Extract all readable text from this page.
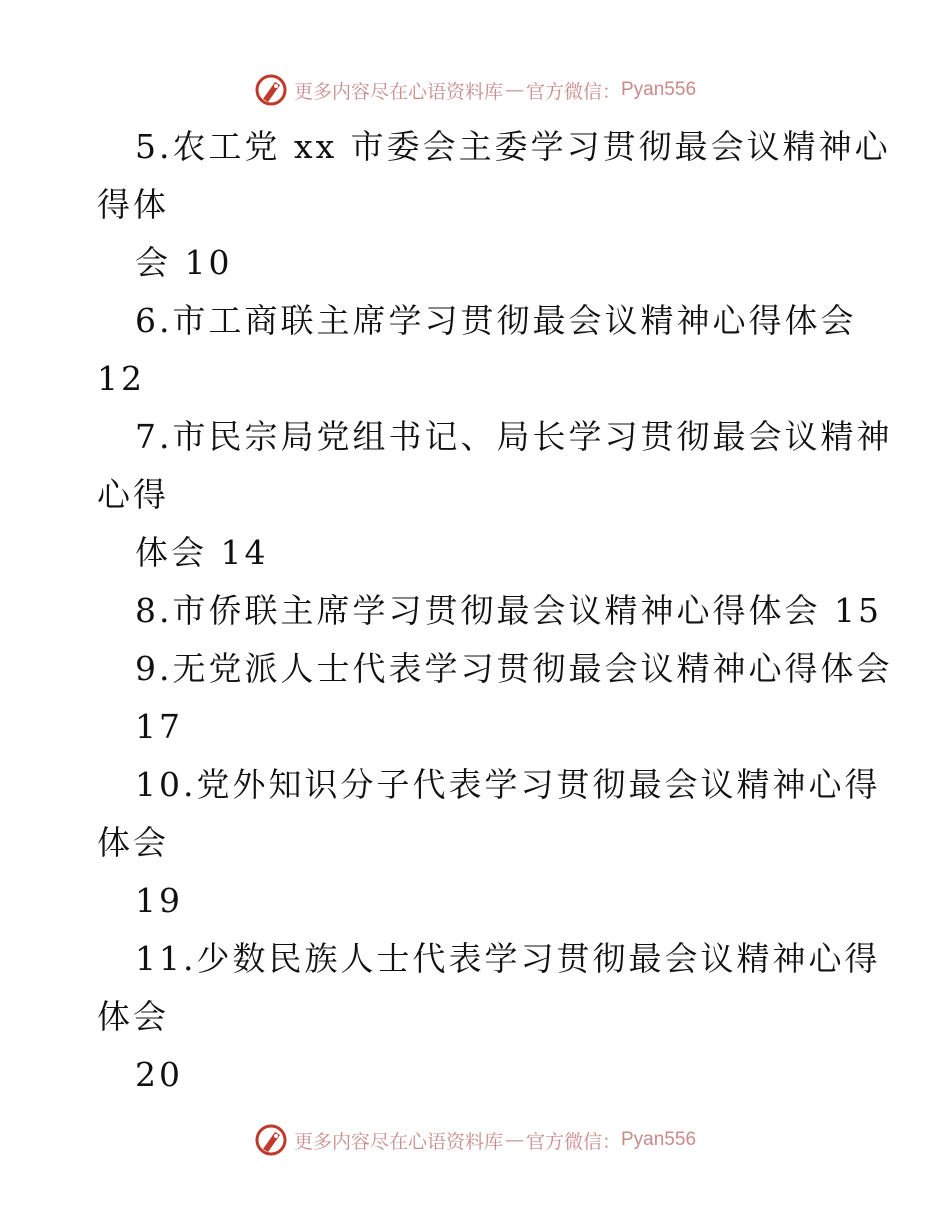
更多内容尽在心语资料库 — 官方微信： Pyan556
5.农工党 xx 市委会主委学习贯彻最会议精神心
得体
会 10
6.市工商联主席学习贯彻最会议精神心得体会
12
7.市民宗局党组书记、局长学习贯彻最会议精神
心得
体会 14
8.市侨联主席学习贯彻最会议精神心得体会 15
9.无党派人士代表学习贯彻最会议精神心得体会
17
10.党外知识分子代表学习贯彻最会议精神心得
体会
19
11.少数民族人士代表学习贯彻最会议精神心得
体会
20
更多内容尽在心语资料库 — 官方微信： Pyan556
